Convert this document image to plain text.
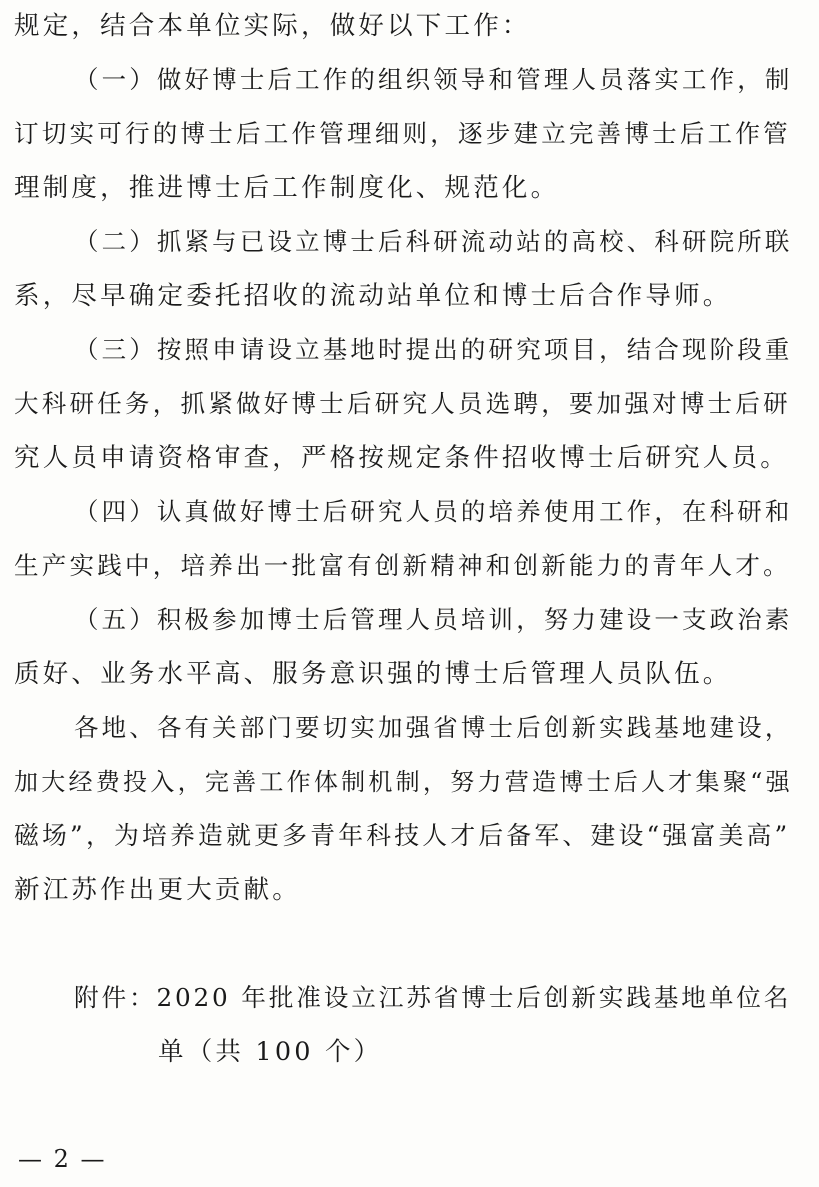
规定，结合本单位实际，做好以下工作：
（一）做好博士后工作的组织领导和管理人员落实工作，制
订切实可行的博士后工作管理细则，逐步建立完善博士后工作管
理制度，推进博士后工作制度化、规范化。
（二）抓紧与已设立博士后科研流动站的高校、科研院所联
系，尽早确定委托招收的流动站单位和博士后合作导师。
（三）按照申请设立基地时提出的研究项目，结合现阶段重
大科研任务，抓紧做好博士后研究人员选聘，要加强对博士后研
究人员申请资格审查，严格按规定条件招收博士后研究人员。
（四）认真做好博士后研究人员的培养使用工作，在科研和
生产实践中，培养出一批富有创新精神和创新能力的青年人才。
（五）积极参加博士后管理人员培训，努力建设一支政治素
质好、业务水平高、服务意识强的博士后管理人员队伍。
各地、各有关部门要切实加强省博士后创新实践基地建设，
加大经费投入，完善工作体制机制，努力营造博士后人才集聚“强
磁场”，为培养造就更多青年科技人才后备军、建设“强富美高”
新江苏作出更大贡献。
附件：2020 年批准设立江苏省博士后创新实践基地单位名
单（共 100 个）
— 2 —
